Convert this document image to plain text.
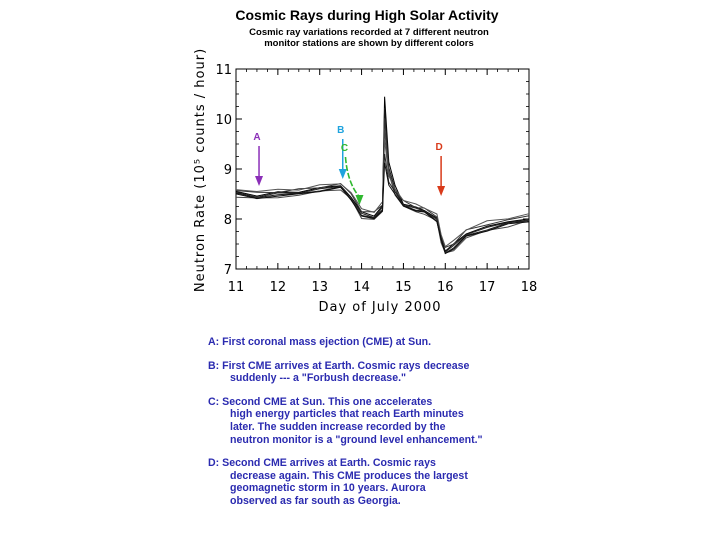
Cosmic Rays during High Solar Activity
Cosmic ray variations recorded at 7 different neutron
monitor stations are shown by different colors
11 12 13 14 15 16 17 18
7
8
9
10
11
A
B
C	D
Day of July 2000
Neutron Rate (10⁵ counts / hour)
A: First coronal mass ejection (CME) at Sun.
B: First CME arrives at Earth. Cosmic rays decrease
suddenly --- a "Forbush decrease."
C: Second CME at Sun. This one accelerates
high energy particles that reach Earth minutes
later. The sudden increase recorded by the
neutron monitor is a "ground level enhancement."
D: Second CME arrives at Earth. Cosmic rays
decrease again. This CME produces the largest
geomagnetic storm in 10 years. Aurora
observed as far south as Georgia.
